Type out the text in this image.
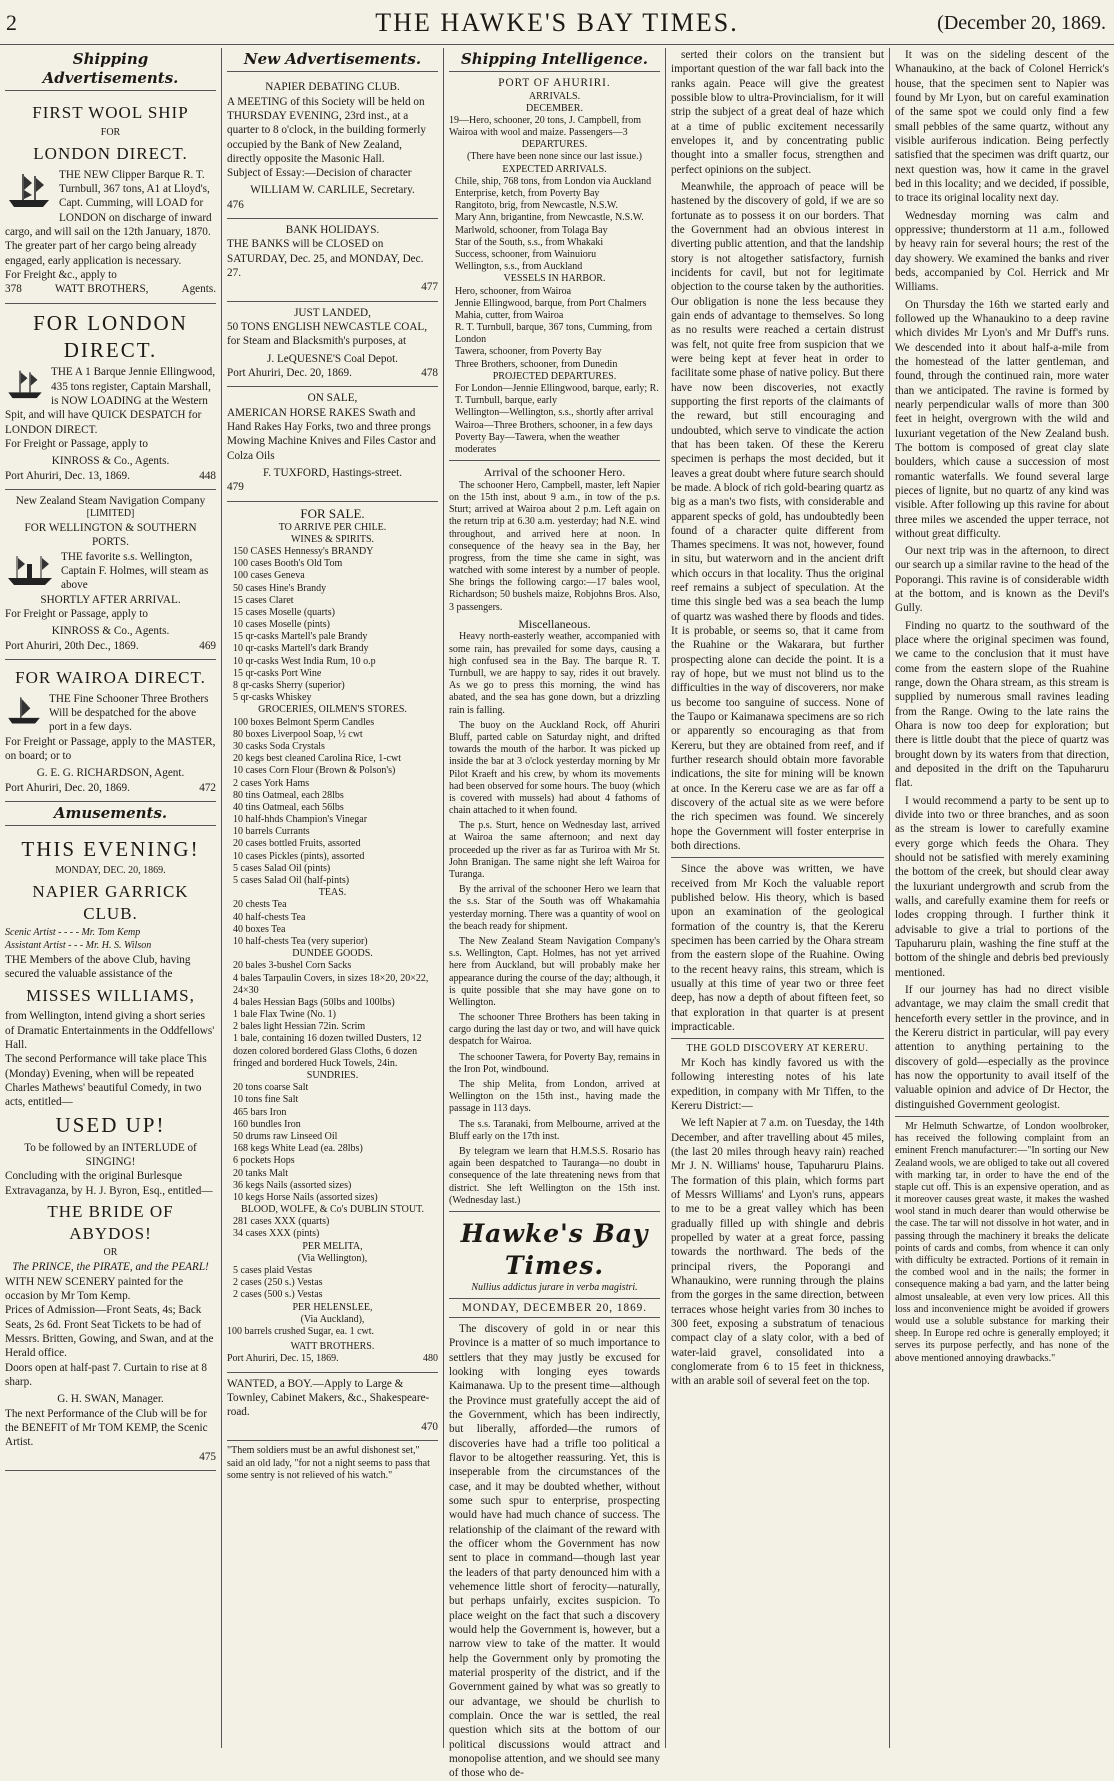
2	THE HAWKE'S BAY TIMES.	(December 20, 1869.
Shipping Advertisements.
FIRST WOOL SHIP
FOR
LONDON DIRECT.
THE NEW Clipper Barque R. T. Turnbull, 367 tons, A1 at Lloyd's, Capt. Cumming, will LOAD for LONDON on discharge of inward cargo, and will sail on the 12th January, 1870.
The greater part of her cargo being already engaged, early application is necessary.
For Freight &c., apply to
378	WATT BROTHERS,	Agents.
FOR LONDON DIRECT.
THE A 1 Barque Jennie Ellingwood, 435 tons register, Captain Marshall, is NOW LOADING at the Western Spit, and will have QUICK DESPATCH for LONDON DIRECT.
For Freight or Passage, apply to
KINROSS & Co., Agents.
Port Ahuriri, Dec. 13, 1869.	448
New Zealand Steam Navigation Company
[LIMITED]
FOR WELLINGTON & SOUTHERN PORTS.
THE favorite s.s. Wellington, Captain F. Holmes, will steam as above
SHORTLY AFTER ARRIVAL.
For Freight or Passage, apply to
KINROSS & Co., Agents.
Port Ahuriri, 20th Dec., 1869.	469
FOR WAIROA DIRECT.
THE Fine Schooner Three Brothers Will be despatched for the above port in a few days.
For Freight or Passage, apply to the MASTER, on board; or to
G. E. G. RICHARDSON, Agent.
Port Ahuriri, Dec. 20, 1869.	472
Amusements.
THIS EVENING!
MONDAY, DEC. 20, 1869.
NAPIER GARRICK CLUB.
Scenic Artist - - - - Mr. Tom Kemp
Assistant Artist - - - Mr. H. S. Wilson
THE Members of the above Club, having secured the valuable assistance of the
MISSES WILLIAMS,
from Wellington, intend giving a short series of Dramatic Entertainments in the Oddfellows' Hall.
The second Performance will take place This (Monday) Evening, when will be repeated Charles Mathews' beautiful Comedy, in two acts, entitled—
USED UP!
To be followed by an INTERLUDE of SINGING!
Concluding with the original Burlesque Extravaganza, by H. J. Byron, Esq., entitled—
THE BRIDE OF ABYDOS!
OR
The PRINCE, the PIRATE, and the PEARL!
WITH NEW SCENERY painted for the occasion by Mr Tom Kemp.
Prices of Admission—Front Seats, 4s; Back Seats, 2s 6d. Front Seat Tickets to be had of Messrs. Britten, Gowing, and Swan, and at the Herald office.
Doors open at half-past 7. Curtain to rise at 8 sharp.
G. H. SWAN, Manager.
The next Performance of the Club will be for the BENEFIT of Mr TOM KEMP, the Scenic Artist.
475
New Advertisements.
NAPIER DEBATING CLUB.
A MEETING of this Society will be held on THURSDAY EVENING, 23rd inst., at a quarter to 8 o'clock, in the building formerly occupied by the Bank of New Zealand, directly opposite the Masonic Hall.
Subject of Essay:—Decision of character
WILLIAM W. CARLILE, Secretary.
476
BANK HOLIDAYS.
THE BANKS will be CLOSED on SATURDAY, Dec. 25, and MONDAY, Dec. 27.
477
JUST LANDED,
50 TONS ENGLISH NEWCASTLE COAL, for Steam and Blacksmith's purposes, at
J. LeQUESNE'S Coal Depot.
Port Ahuriri, Dec. 20, 1869.	478
ON SALE,
AMERICAN HORSE RAKES Swath and Hand Rakes Hay Forks, two and three prongs Mowing Machine Knives and Files Castor and Colza Oils
F. TUXFORD, Hastings-street.
479
FOR SALE.
TO ARRIVE PER CHILE.
WINES & SPIRITS.
150 CASES Hennessy's BRANDY
100 cases Booth's Old Tom
100 cases Geneva
50 cases Hine's Brandy
15 cases Claret
15 cases Moselle (quarts)
10 cases Moselle (pints)
15 qr-casks Martell's pale Brandy
10 qr-casks Martell's dark Brandy
10 qr-casks West India Rum, 10 o.p
15 qr-casks Port Wine
8 qr-casks Sherry (superior)
5 qr-casks Whiskey
GROCERIES, OILMEN'S STORES.
100 boxes Belmont Sperm Candles
80 boxes Liverpool Soap, ½ cwt
30 casks Soda Crystals
20 kegs best cleaned Carolina Rice, 1-cwt
10 cases Corn Flour (Brown & Polson's)
2 cases York Hams
80 tins Oatmeal, each 28lbs
40 tins Oatmeal, each 56lbs
10 half-hhds Champion's Vinegar
10 barrels Currants
20 cases bottled Fruits, assorted
10 cases Pickles (pints), assorted
5 cases Salad Oil (pints)
5 cases Salad Oil (half-pints)
TEAS.
20 chests Tea
40 half-chests Tea
40 boxes Tea
10 half-chests Tea (very superior)
DUNDEE GOODS.
20 bales 3-bushel Corn Sacks
4 bales Tarpaulin Covers, in sizes 18×20, 20×22, 24×30
4 bales Hessian Bags (50lbs and 100lbs)
1 bale Flax Twine (No. 1)
2 bales light Hessian 72in. Scrim
1 bale, containing 16 dozen twilled Dusters, 12 dozen colored bordered Glass Cloths, 6 dozen fringed and bordered Huck Towels, 24in.
SUNDRIES.
20 tons coarse Salt
10 tons fine Salt
465 bars Iron
160 bundles Iron
50 drums raw Linseed Oil
168 kegs White Lead (ea. 28lbs)
6 pockets Hops
20 tanks Malt
36 kegs Nails (assorted sizes)
10 kegs Horse Nails (assorted sizes)
BLOOD, WOLFE, & Co's DUBLIN STOUT.
281 cases XXX (quarts)
34 cases XXX (pints)
PER MELITA,
(Via Wellington),
5 cases plaid Vestas
2 cases (250 s.) Vestas
2 cases (500 s.) Vestas
PER HELENSLEE,
(Via Auckland),
100 barrels crushed Sugar, ea. 1 cwt.
WATT BROTHERS.
Port Ahuriri, Dec. 15, 1869.	480
WANTED, a BOY.—Apply to Large & Townley, Cabinet Makers, &c., Shakespeare-road.
470
"Them soldiers must be an awful dishonest set," said an old lady, "for not a night seems to pass that some sentry is not relieved of his watch."
Shipping Intelligence.
PORT OF AHURIRI.
ARRIVALS.
DECEMBER.
19—Hero, schooner, 20 tons, J. Campbell, from Wairoa with wool and maize. Passengers—3
DEPARTURES.
(There have been none since our last issue.)
EXPECTED ARRIVALS.
Chile, ship, 768 tons, from London via Auckland
Enterprise, ketch, from Poverty Bay
Rangitoto, brig, from Newcastle, N.S.W.
Mary Ann, brigantine, from Newcastle, N.S.W.
Marlwold, schooner, from Tolaga Bay
Star of the South, s.s., from Whakaki
Success, schooner, from Wainuioru
Wellington, s.s., from Auckland
VESSELS IN HARBOR.
Hero, schooner, from Wairoa
Jennie Ellingwood, barque, from Port Chalmers
Mahia, cutter, from Wairoa
R. T. Turnbull, barque, 367 tons, Cumming, from London
Tawera, schooner, from Poverty Bay
Three Brothers, schooner, from Dunedin
PROJECTED DEPARTURES.
For London—Jennie Ellingwood, barque, early; R. T. Turnbull, barque, early
Wellington—Wellington, s.s., shortly after arrival
Wairoa—Three Brothers, schooner, in a few days
Poverty Bay—Tawera, when the weather moderates
Arrival of the schooner Hero.

The schooner Hero, Campbell, master, left Napier on the 15th inst, about 9 a.m., in tow of the p.s. Sturt; arrived at Wairoa about 2 p.m. Left again on the return trip at 6.30 a.m. yesterday; had N.E. wind throughout, and arrived here at noon. In consequence of the heavy sea in the Bay, her progress, from the time she came in sight, was watched with some interest by a number of people. She brings the following cargo:—17 bales wool, Richardson; 50 bushels maize, Robjohns Bros. Also, 3 passengers.

Miscellaneous.

Heavy north-easterly weather, accompanied with some rain, has prevailed for some days, causing a high confused sea in the Bay. The barque R. T. Turnbull, we are happy to say, rides it out bravely. As we go to press this morning, the wind has abated, and the sea has gone down, but a drizzling rain is falling.

The buoy on the Auckland Rock, off Ahuriri Bluff, parted cable on Saturday night, and drifted towards the mouth of the harbor. It was picked up inside the bar at 3 o'clock yesterday morning by Mr Pilot Kraeft and his crew, by whom its movements had been observed for some hours. The buoy (which is covered with mussels) had about 4 fathoms of chain attached to it when found.

The p.s. Sturt, hence on Wednesday last, arrived at Wairoa the same afternoon; and next day proceeded up the river as far as Turiroa with Mr St. John Branigan. The same night she left Wairoa for Turanga.

By the arrival of the schooner Hero we learn that the s.s. Star of the South was off Whakamahia yesterday morning. There was a quantity of wool on the beach ready for shipment.

The New Zealand Steam Navigation Company's s.s. Wellington, Capt. Holmes, has not yet arrived here from Auckland, but will probably make her appearance during the course of the day; although, it is quite possible that she may have gone on to Wellington.

The schooner Three Brothers has been taking in cargo during the last day or two, and will have quick despatch for Wairoa.

The schooner Tawera, for Poverty Bay, remains in the Iron Pot, windbound.

The ship Melita, from London, arrived at Wellington on the 15th inst., having made the passage in 113 days.

The s.s. Taranaki, from Melbourne, arrived at the Bluff early on the 17th inst.

By telegram we learn that H.M.S.S. Rosario has again been despatched to Tauranga—no doubt in consequence of the late threatening news from that district. She left Wellington on the 15th inst. (Wednesday last.)

Hawke's Bay Times.
Nullius addictus jurare in verba magistri.
MONDAY, DECEMBER 20, 1869.

The discovery of gold in or near this Province is a matter of so much importance to settlers that they may justly be excused for looking with longing eyes towards Kaimanawa. Up to the present time—although the Province must gratefully accept the aid of the Government, which has been indirectly, but liberally, afforded—the rumors of discoveries have had a trifle too political a flavor to be altogether reassuring. Yet, this is inseperable from the circumstances of the case, and it may be doubted whether, without some such spur to enterprise, prospecting would have had much chance of success. The relationship of the claimant of the reward with the officer whom the Government has now sent to place in command—though last year the leaders of that party denounced him with a vehemence little short of ferocity—naturally, but perhaps unfairly, excites suspicion. To place weight on the fact that such a discovery would help the Government is, however, but a narrow view to take of the matter. It would help the Government only by promoting the material prosperity of the district, and if the Government gained by what was so greatly to our advantage, we should be churlish to complain. Once the war is settled, the real question which sits at the bottom of our political discussions would attract and monopolise attention, and we should see many of those who de-

serted their colors on the transient but important question of the war fall back into the ranks again. Peace will give the greatest possible blow to ultra-Provincialism, for it will strip the subject of a great deal of haze which at a time of public excitement necessarily envelopes it, and by concentrating public thought into a smaller focus, strengthen and perfect opinions on the subject.

Meanwhile, the approach of peace will be hastened by the discovery of gold, if we are so fortunate as to possess it on our borders. That the Government had an obvious interest in diverting public attention, and that the landship story is not altogether satisfactory, furnish incidents for cavil, but not for legitimate objection to the course taken by the authorities. Our obligation is none the less because they gain ends of advantage to themselves. So long as no results were reached a certain distrust was felt, not quite free from suspicion that we were being kept at fever heat in order to facilitate some phase of native policy. But there have now been discoveries, not exactly supporting the first reports of the claimants of the reward, but still encouraging and undoubted, which serve to vindicate the action that has been taken. Of these the Kereru specimen is perhaps the most decided, but it leaves a great doubt where future search should be made. A block of rich gold-bearing quartz as big as a man's two fists, with considerable and apparent specks of gold, has undoubtedly been found of a character quite different from Thames specimens. It was not, however, found in situ, but waterworn and in the ancient drift which occurs in that locality. Thus the original reef remains a subject of speculation. At the time this single bed was a sea beach the lump of quartz was washed there by floods and tides. It is probable, or seems so, that it came from the Ruahine or the Wakarara, but further prospecting alone can decide the point. It is a ray of hope, but we must not blind us to the difficulties in the way of discoverers, nor make us become too sanguine of success. None of the Taupo or Kaimanawa specimens are so rich or apparently so encouraging as that from Kereru, but they are obtained from reef, and if further research should obtain more favorable indications, the site for mining will be known at once. In the Kereru case we are as far off a discovery of the actual site as we were before the rich specimen was found. We sincerely hope the Government will foster enterprise in both directions.

Since the above was written, we have received from Mr Koch the valuable report published below. His theory, which is based upon an examination of the geological formation of the country is, that the Kereru specimen has been carried by the Ohara stream from the eastern slope of the Ruahine. Owing to the recent heavy rains, this stream, which is usually at this time of year two or three feet deep, has now a depth of about fifteen feet, so that exploration in that quarter is at present impracticable.

THE GOLD DISCOVERY AT KERERU.

Mr Koch has kindly favored us with the following interesting notes of his late expedition, in company with Mr Tiffen, to the Kereru District:—

We left Napier at 7 a.m. on Tuesday, the 14th December, and after travelling about 45 miles, (the last 20 miles through heavy rain) reached Mr J. N. Williams' house, Tapuharuru Plains. The formation of this plain, which forms part of Messrs Williams' and Lyon's runs, appears to me to be a great valley which has been gradually filled up with shingle and debris propelled by water at a great force, passing towards the northward. The beds of the principal rivers, the Poporangi and Whanaukino, were running through the plains from the gorges in the same direction, between terraces whose height varies from 30 inches to 300 feet, exposing a substratum of tenacious compact clay of a slaty color, with a bed of water-laid gravel, consolidated into a conglomerate from 6 to 15 feet in thickness, with an arable soil of several feet on the top.

It was on the sideling descent of the Whanaukino, at the back of Colonel Herrick's house, that the specimen sent to Napier was found by Mr Lyon, but on careful examination of the same spot we could only find a few small pebbles of the same quartz, without any visible auriferous indication. Being perfectly satisfied that the specimen was drift quartz, our next question was, how it came in the gravel bed in this locality; and we decided, if possible, to trace its original locality next day.

Wednesday morning was calm and oppressive; thunderstorm at 11 a.m., followed by heavy rain for several hours; the rest of the day showery. We examined the banks and river beds, accompanied by Col. Herrick and Mr Williams.

On Thursday the 16th we started early and followed up the Whanaukino to a deep ravine which divides Mr Lyon's and Mr Duff's runs. We descended into it about half-a-mile from the homestead of the latter gentleman, and found, through the continued rain, more water than we anticipated. The ravine is formed by nearly perpendicular walls of more than 300 feet in height, overgrown with the wild and luxuriant vegetation of the New Zealand bush. The bottom is composed of great clay slate boulders, which cause a succession of most romantic waterfalls. We found several large pieces of lignite, but no quartz of any kind was visible. After following up this ravine for about three miles we ascended the upper terrace, not without great difficulty.

Our next trip was in the afternoon, to direct our search up a similar ravine to the head of the Poporangi. This ravine is of considerable width at the bottom, and is known as the Devil's Gully.

Finding no quartz to the southward of the place where the original specimen was found, we came to the conclusion that it must have come from the eastern slope of the Ruahine range, down the Ohara stream, as this stream is supplied by numerous small ravines leading from the Range. Owing to the late rains the Ohara is now too deep for exploration; but there is little doubt that the piece of quartz was brought down by its waters from that direction, and deposited in the drift on the Tapuharuru flat.

I would recommend a party to be sent up to divide into two or three branches, and as soon as the stream is lower to carefully examine every gorge which feeds the Ohara. They should not be satisfied with merely examining the bottom of the creek, but should clear away the luxuriant undergrowth and scrub from the walls, and carefully examine them for reefs or lodes cropping through. I further think it advisable to give a trial to portions of the Tapuharuru plain, washing the fine stuff at the bottom of the shingle and debris bed previously mentioned.

If our journey has had no direct visible advantage, we may claim the small credit that henceforth every settler in the province, and in the Kereru district in particular, will pay every attention to anything pertaining to the discovery of gold—especially as the province has now the opportunity to avail itself of the valuable opinion and advice of Dr Hector, the distinguished Government geologist.

Mr Helmuth Schwartze, of London woolbroker, has received the following complaint from an eminent French manufacturer:—"In sorting our New Zealand wools, we are obliged to take out all covered with marking tar, in order to have the end of the staple cut off. This is an expensive operation, and as it moreover causes great waste, it makes the washed wool stand in much dearer than would otherwise be the case. The tar will not dissolve in hot water, and in passing through the machinery it breaks the delicate points of cards and combs, from whence it can only with difficulty be extracted. Portions of it remain in the combed wool and in the nails; the former in consequence making a bad yarn, and the latter being almost unsaleable, at even very low prices. All this loss and inconvenience might be avoided if growers would use a soluble substance for marking their sheep. In Europe red ochre is generally employed; it serves its purpose perfectly, and has none of the above mentioned annoying drawbacks."
